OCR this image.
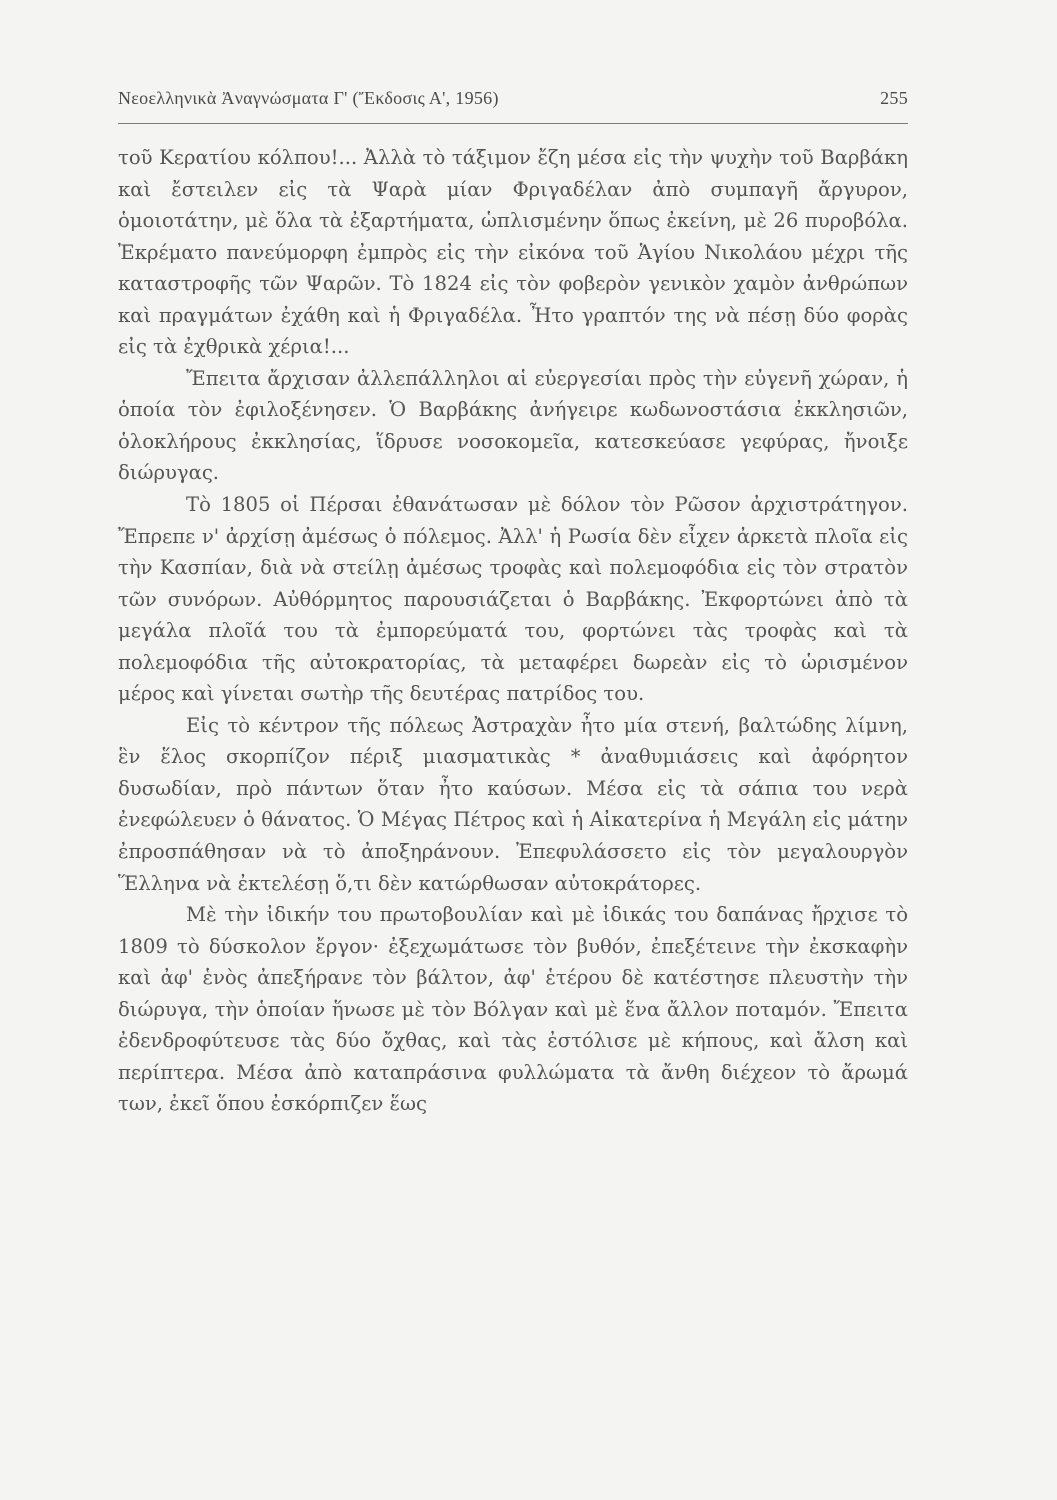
Νεοελληνικὰ Ἀναγνώσματα Γ' (Ἔκδοσις Α', 1956)	255

τοῦ Κερατίου κόλπου!... Ἀλλὰ τὸ τάξιμον ἔζη μέσα εἰς τὴν ψυχὴν τοῦ Βαρβάκη καὶ ἔστειλεν εἰς τὰ Ψαρὰ μίαν Φριγαδέλαν ἀπὸ συμπαγῆ ἄργυρον, ὁμοιοτάτην, μὲ ὅλα τὰ ἐξαρτήματα, ὡπλισμένην ὅπως ἐκείνη, μὲ 26 πυροβόλα. Ἐκρέματο πανεύμορφη ἐμπρὸς εἰς τὴν εἰκόνα τοῦ Ἁγίου Νικολάου μέχρι τῆς καταστροφῆς τῶν Ψαρῶν. Τὸ 1824 εἰς τὸν φοβερὸν γενικὸν χαμὸν ἀνθρώπων καὶ πραγμάτων ἐχάθη καὶ ἡ Φριγαδέλα. Ἦτο γραπτόν της νὰ πέσῃ δύο φορὰς εἰς τὰ ἐχθρικὰ χέρια!...

Ἔπειτα ἄρχισαν ἀλλεπάλληλοι αἱ εὐεργεσίαι πρὸς τὴν εὐγενῆ χώραν, ἡ ὁποία τὸν ἐφιλοξένησεν. Ὁ Βαρβάκης ἀνήγειρε κωδωνοστάσια ἐκκλησιῶν, ὁλοκλήρους ἐκκλησίας, ἵδρυσε νοσοκομεῖα, κατεσκεύασε γεφύρας, ἤνοιξε διώρυγας.

Τὸ 1805 οἱ Πέρσαι ἐθανάτωσαν μὲ δόλον τὸν Ρῶσον ἀρχιστράτηγον. Ἔπρεπε ν' ἀρχίσῃ ἀμέσως ὁ πόλεμος. Ἀλλ' ἡ Ρωσία δὲν εἶχεν ἀρκετὰ πλοῖα εἰς τὴν Κασπίαν, διὰ νὰ στείλῃ ἀμέσως τροφὰς καὶ πολεμοφόδια εἰς τὸν στρατὸν τῶν συνόρων. Αὐθόρμητος παρουσιάζεται ὁ Βαρβάκης. Ἐκφορτώνει ἀπὸ τὰ μεγάλα πλοῖά του τὰ ἐμπορεύματά του, φορτώνει τὰς τροφὰς καὶ τὰ πολεμοφόδια τῆς αὐτοκρατορίας, τὰ μεταφέρει δωρεὰν εἰς τὸ ὡρισμένον μέρος καὶ γίνεται σωτὴρ τῆς δευτέρας πατρίδος του.

Εἰς τὸ κέντρον τῆς πόλεως Ἀστραχὰν ἦτο μία στενή, βαλτώδης λίμνη, ἓν ἕλος σκορπίζον πέριξ μιασματικὰς * ἀναθυμιάσεις καὶ ἀφόρητον δυσωδίαν, πρὸ πάντων ὅταν ἦτο καύσων. Μέσα εἰς τὰ σάπια του νερὰ ἐνεφώλευεν ὁ θάνατος. Ὁ Μέγας Πέτρος καὶ ἡ Αἰκατερίνα ἡ Μεγάλη εἰς μάτην ἐπροσπάθησαν νὰ τὸ ἀποξηράνουν. Ἐπεφυλάσσετο εἰς τὸν μεγαλουργὸν Ἕλληνα νὰ ἐκτελέσῃ ὅ,τι δὲν κατώρθωσαν αὐτοκράτορες.

Μὲ τὴν ἰδικήν του πρωτοβουλίαν καὶ μὲ ἰδικάς του δαπάνας ἤρχισε τὸ 1809 τὸ δύσκολον ἔργον· ἐξεχωμάτωσε τὸν βυθόν, ἐπεξέτεινε τὴν ἐκσκαφὴν καὶ ἀφ' ἑνὸς ἀπεξήρανε τὸν βάλτον, ἀφ' ἑτέρου δὲ κατέστησε πλευστὴν τὴν διώρυγα, τὴν ὁποίαν ἥνωσε μὲ τὸν Βόλγαν καὶ μὲ ἕνα ἄλλον ποταμόν. Ἔπειτα ἐδενδροφύτευσε τὰς δύο ὄχθας, καὶ τὰς ἐστόλισε μὲ κήπους, καὶ ἄλση καὶ περίπτερα. Μέσα ἀπὸ καταπράσινα φυλλώματα τὰ ἄνθη διέχεον τὸ ἄρωμά των, ἐκεῖ ὅπου ἐσκόρπιζεν ἕως
